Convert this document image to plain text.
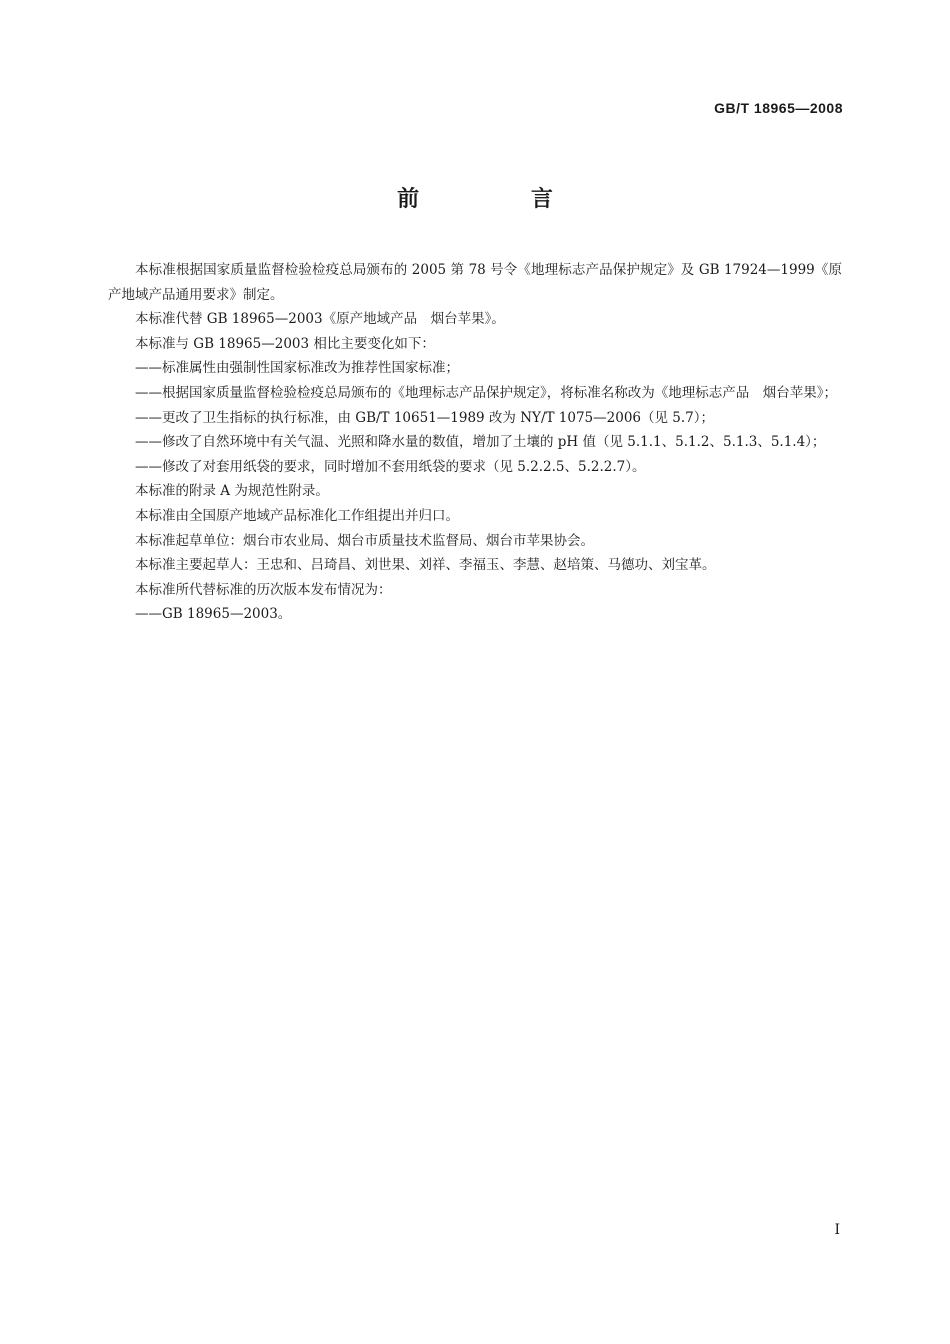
GB/T 18965—2008
前 言

本标准根据国家质量监督检验检疫总局颁布的 2005 第 78 号令《地理标志产品保护规定》及 GB 17924—1999《原产地域产品通用要求》制定。

本标准代替 GB 18965—2003《原产地域产品　烟台苹果》。

本标准与 GB 18965—2003 相比主要变化如下：

——标准属性由强制性国家标准改为推荐性国家标准；

——根据国家质量监督检验检疫总局颁布的《地理标志产品保护规定》，将标准名称改为《地理标志产品　烟台苹果》；

——更改了卫生指标的执行标准，由 GB/T 10651—1989 改为 NY/T 1075—2006（见 5.7）；

——修改了自然环境中有关气温、光照和降水量的数值，增加了土壤的 pH 值（见 5.1.1、5.1.2、5.1.3、5.1.4）；

——修改了对套用纸袋的要求，同时增加不套用纸袋的要求（见 5.2.2.5、5.2.2.7）。

本标准的附录 A 为规范性附录。

本标准由全国原产地域产品标准化工作组提出并归口。

本标准起草单位：烟台市农业局、烟台市质量技术监督局、烟台市苹果协会。

本标准主要起草人：王忠和、吕琦昌、刘世果、刘祥、李福玉、李慧、赵培策、马德功、刘宝革。

本标准所代替标准的历次版本发布情况为：

——GB 18965—2003。

I
